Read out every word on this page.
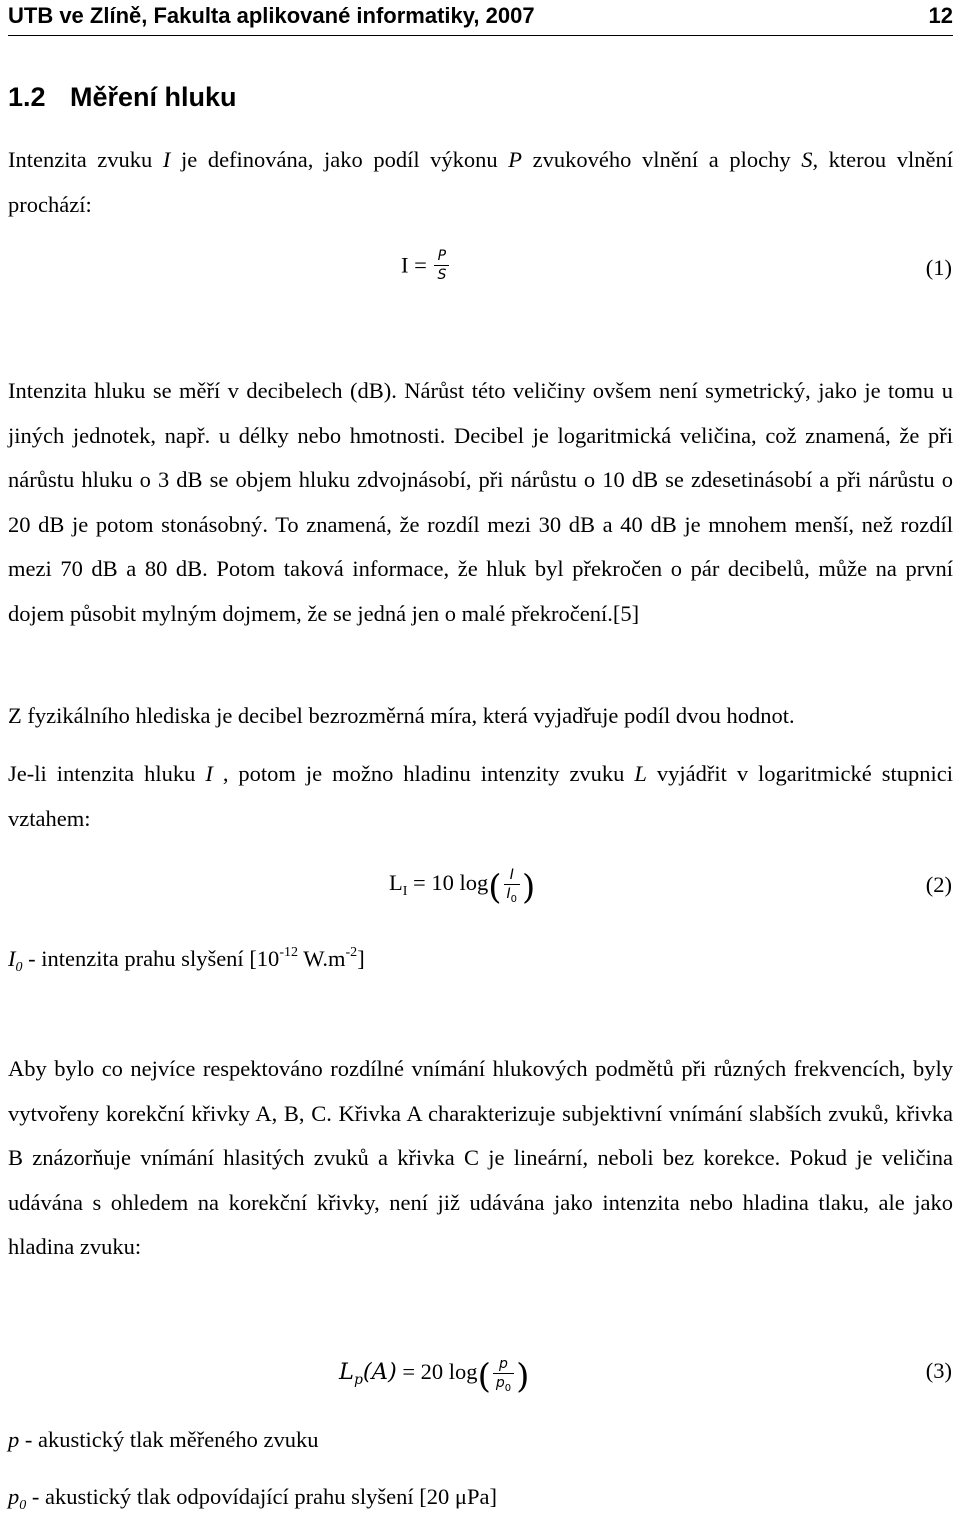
UTB ve Zlíně, Fakulta aplikované informatiky, 2007	12
1.2 Měření hluku
Intenzita zvuku I je definována, jako podíl výkonu P zvukového vlnění a plochy S, kterou vlnění prochází:
$I = \frac{P}{S}$	(1)
Intenzita hluku se měří v decibelech (dB). Nárůst této veličiny ovšem není symetrický, jako je tomu u jiných jednotek, např. u délky nebo hmotnosti. Decibel je logaritmická veličina, což znamená, že při nárůstu hluku o 3 dB se objem hluku zdvojnásobí, při nárůstu o 10 dB se zdesetinásobí a při nárůstu o 20 dB je potom stonásobný. To znamená, že rozdíl mezi 30 dB a 40 dB je mnohem menší, než rozdíl mezi 70 dB a 80 dB. Potom taková informace, že hluk byl překročen o pár decibelů, může na první dojem působit mylným dojmem, že se jedná jen o malé překročení.[5]
Z fyzikálního hlediska je decibel bezrozměrná míra, která vyjadřuje podíl dvou hodnot.
Je-li intenzita hluku I , potom je možno hladinu intenzity zvuku L vyjádřit v logaritmické stupnici vztahem:
$L_I = 10$ $\log( \frac{I}{I_0}$ )	(2)
$I_0$ - intenzita prahu slyšení [$10^{-12}$ $W.m^{-2}$]
Aby bylo co nejvíce respektováno rozdílné vnímání hlukových podmětů při různých frekvencích, byly vytvořeny korekční křivky A, B, C. Křivka A charakterizuje subjektivní vnímání slabších zvuků, křivka B znázorňuje vnímání hlasitých zvuků a křivka C je lineární, neboli bez korekce. Pokud je veličina udávána s ohledem na korekční křivky, není již udávána jako intenzita nebo hladina tlaku, ale jako hladina zvuku:
$L_p(A) = 20$ $\log( \frac{p}{p_0}$ )	(3)
p - akustický tlak měřeného zvuku
$p_0$ - akustický tlak odpovídající prahu slyšení [20 μPa]
